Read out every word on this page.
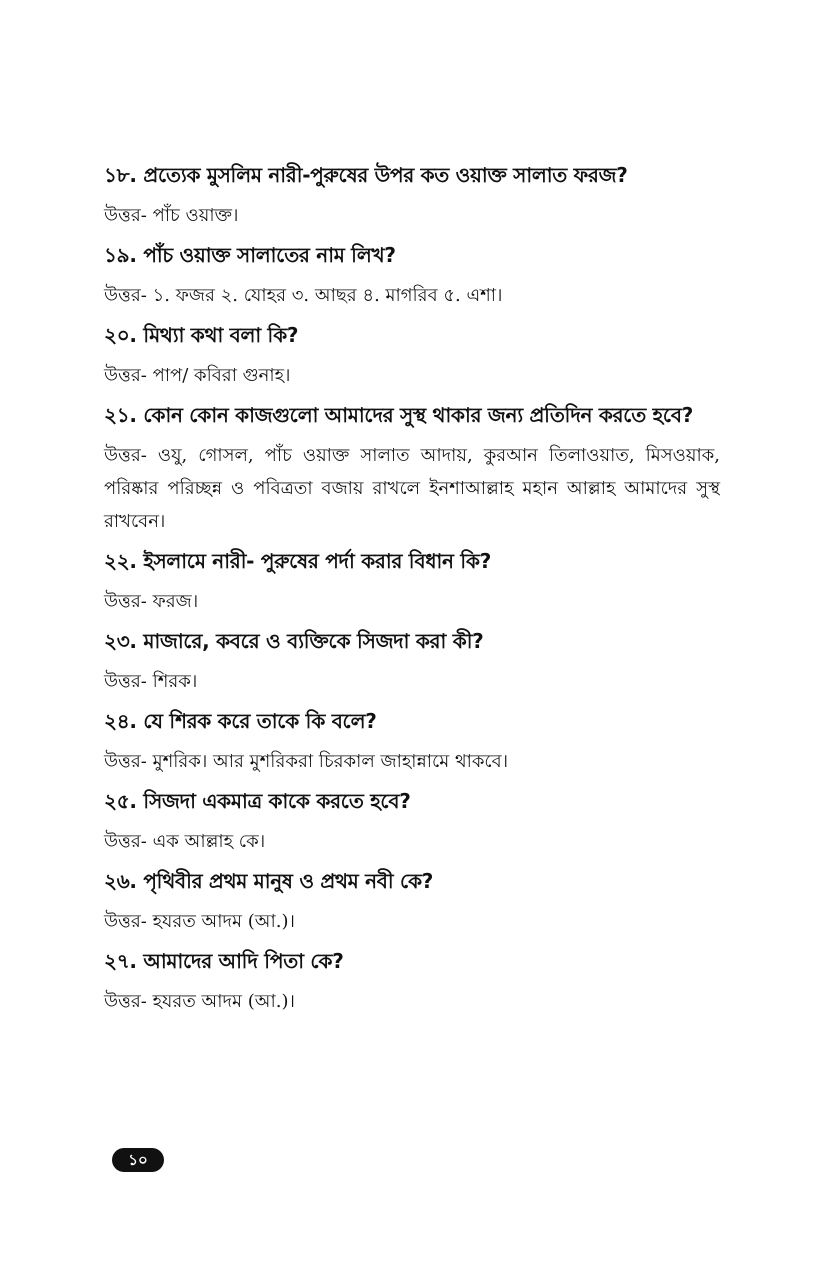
১৮. প্রত্যেক মুসলিম নারী-পুরুষের উপর কত ওয়াক্ত সালাত ফরজ?

উত্তর- পাঁচ ওয়াক্ত।

১৯. পাঁচ ওয়াক্ত সালাতের নাম লিখ?

উত্তর- ১. ফজর ২. যোহর ৩. আছর ৪. মাগরিব ৫. এশা।

২০. মিথ্যা কথা বলা কি?

উত্তর- পাপ/ কবিরা গুনাহ।

২১. কোন কোন কাজগুলো আমাদের সুস্থ থাকার জন্য প্রতিদিন করতে হবে?

উত্তর- ওযু, গোসল, পাঁচ ওয়াক্ত সালাত আদায়, কুরআন তিলাওয়াত, মিসওয়াক, পরিষ্কার পরিচ্ছন্ন ও পবিত্রতা বজায় রাখলে ইনশাআল্লাহ মহান আল্লাহ আমাদের সুস্থ রাখবেন।

২২. ইসলামে নারী- পুরুষের পর্দা করার বিধান কি?

উত্তর- ফরজ।

২৩. মাজারে, কবরে ও ব্যক্তিকে সিজদা করা কী?

উত্তর- শিরক।

২৪. যে শিরক করে তাকে কি বলে?

উত্তর- মুশরিক। আর মুশরিকরা চিরকাল জাহান্নামে থাকবে।

২৫. সিজদা একমাত্র কাকে করতে হবে?

উত্তর- এক আল্লাহ কে।

২৬. পৃথিবীর প্রথম মানুষ ও প্রথম নবী কে?

উত্তর- হযরত আদম (আ.)।

২৭. আমাদের আদি পিতা কে?

উত্তর- হযরত আদম (আ.)।

১০
